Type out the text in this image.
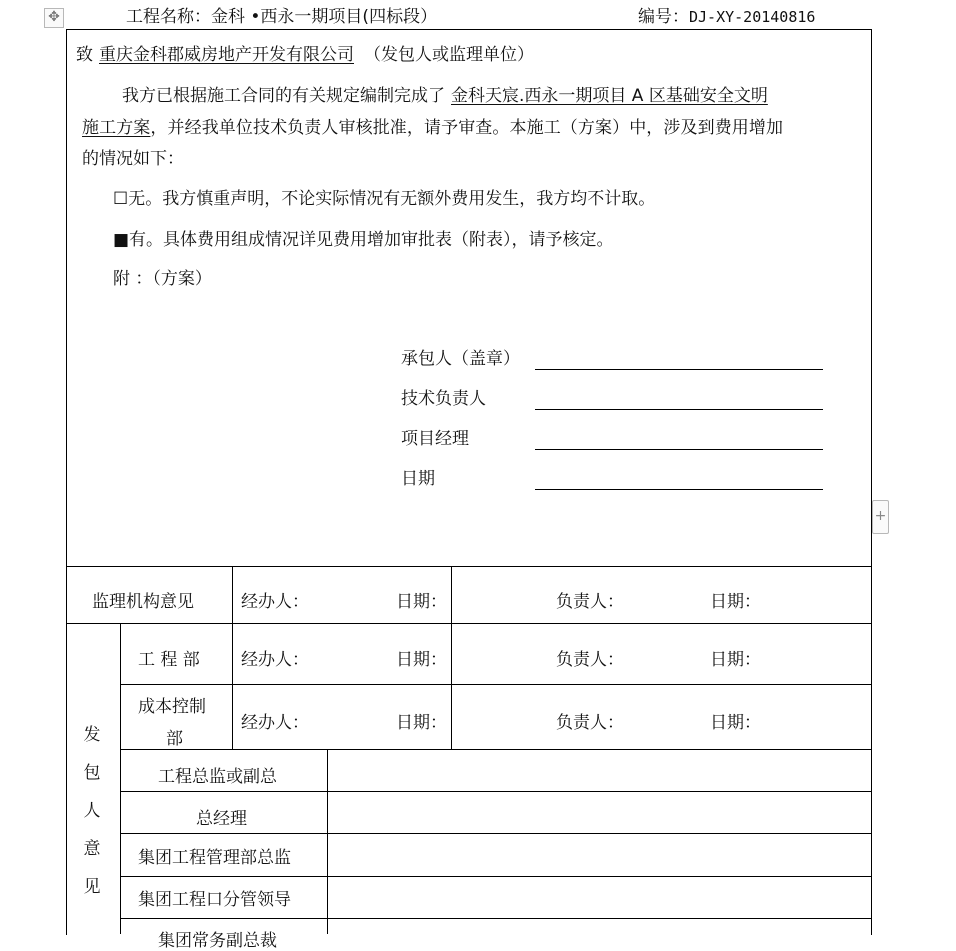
✥	工程名称：金科 •西永一期项目(四标段）	编号：DJ-XY-20140816
致 重庆金科郡威房地产开发有限公司 （发包人或监理单位）
我方已根据施工合同的有关规定编制完成了 金科天宸.西永一期项目 A 区基础安全文明
施工方案，并经我单位技术负责人审核批准，请予审查。本施工（方案）中，涉及到费用增加
的情况如下：
☐无。我方慎重声明，不论实际情况有无额外费用发生，我方均不计取。
■有。具体费用组成情况详见费用增加审批表（附表），请予核定。
附 ：（方案）
承包人（盖章）
技术负责人
项目经理
日期
+
监理机构意见	经办人：	日期：	负责人：	日期：
工 程 部 经办人：	日期：	负责人：	日期：
成本控制
部
经办人：	日期：	负责人：	日期：
发
包
人
意
见
工程总监或副总
总经理
集团工程管理部总监
集团工程口分管领导
集团常务副总裁
